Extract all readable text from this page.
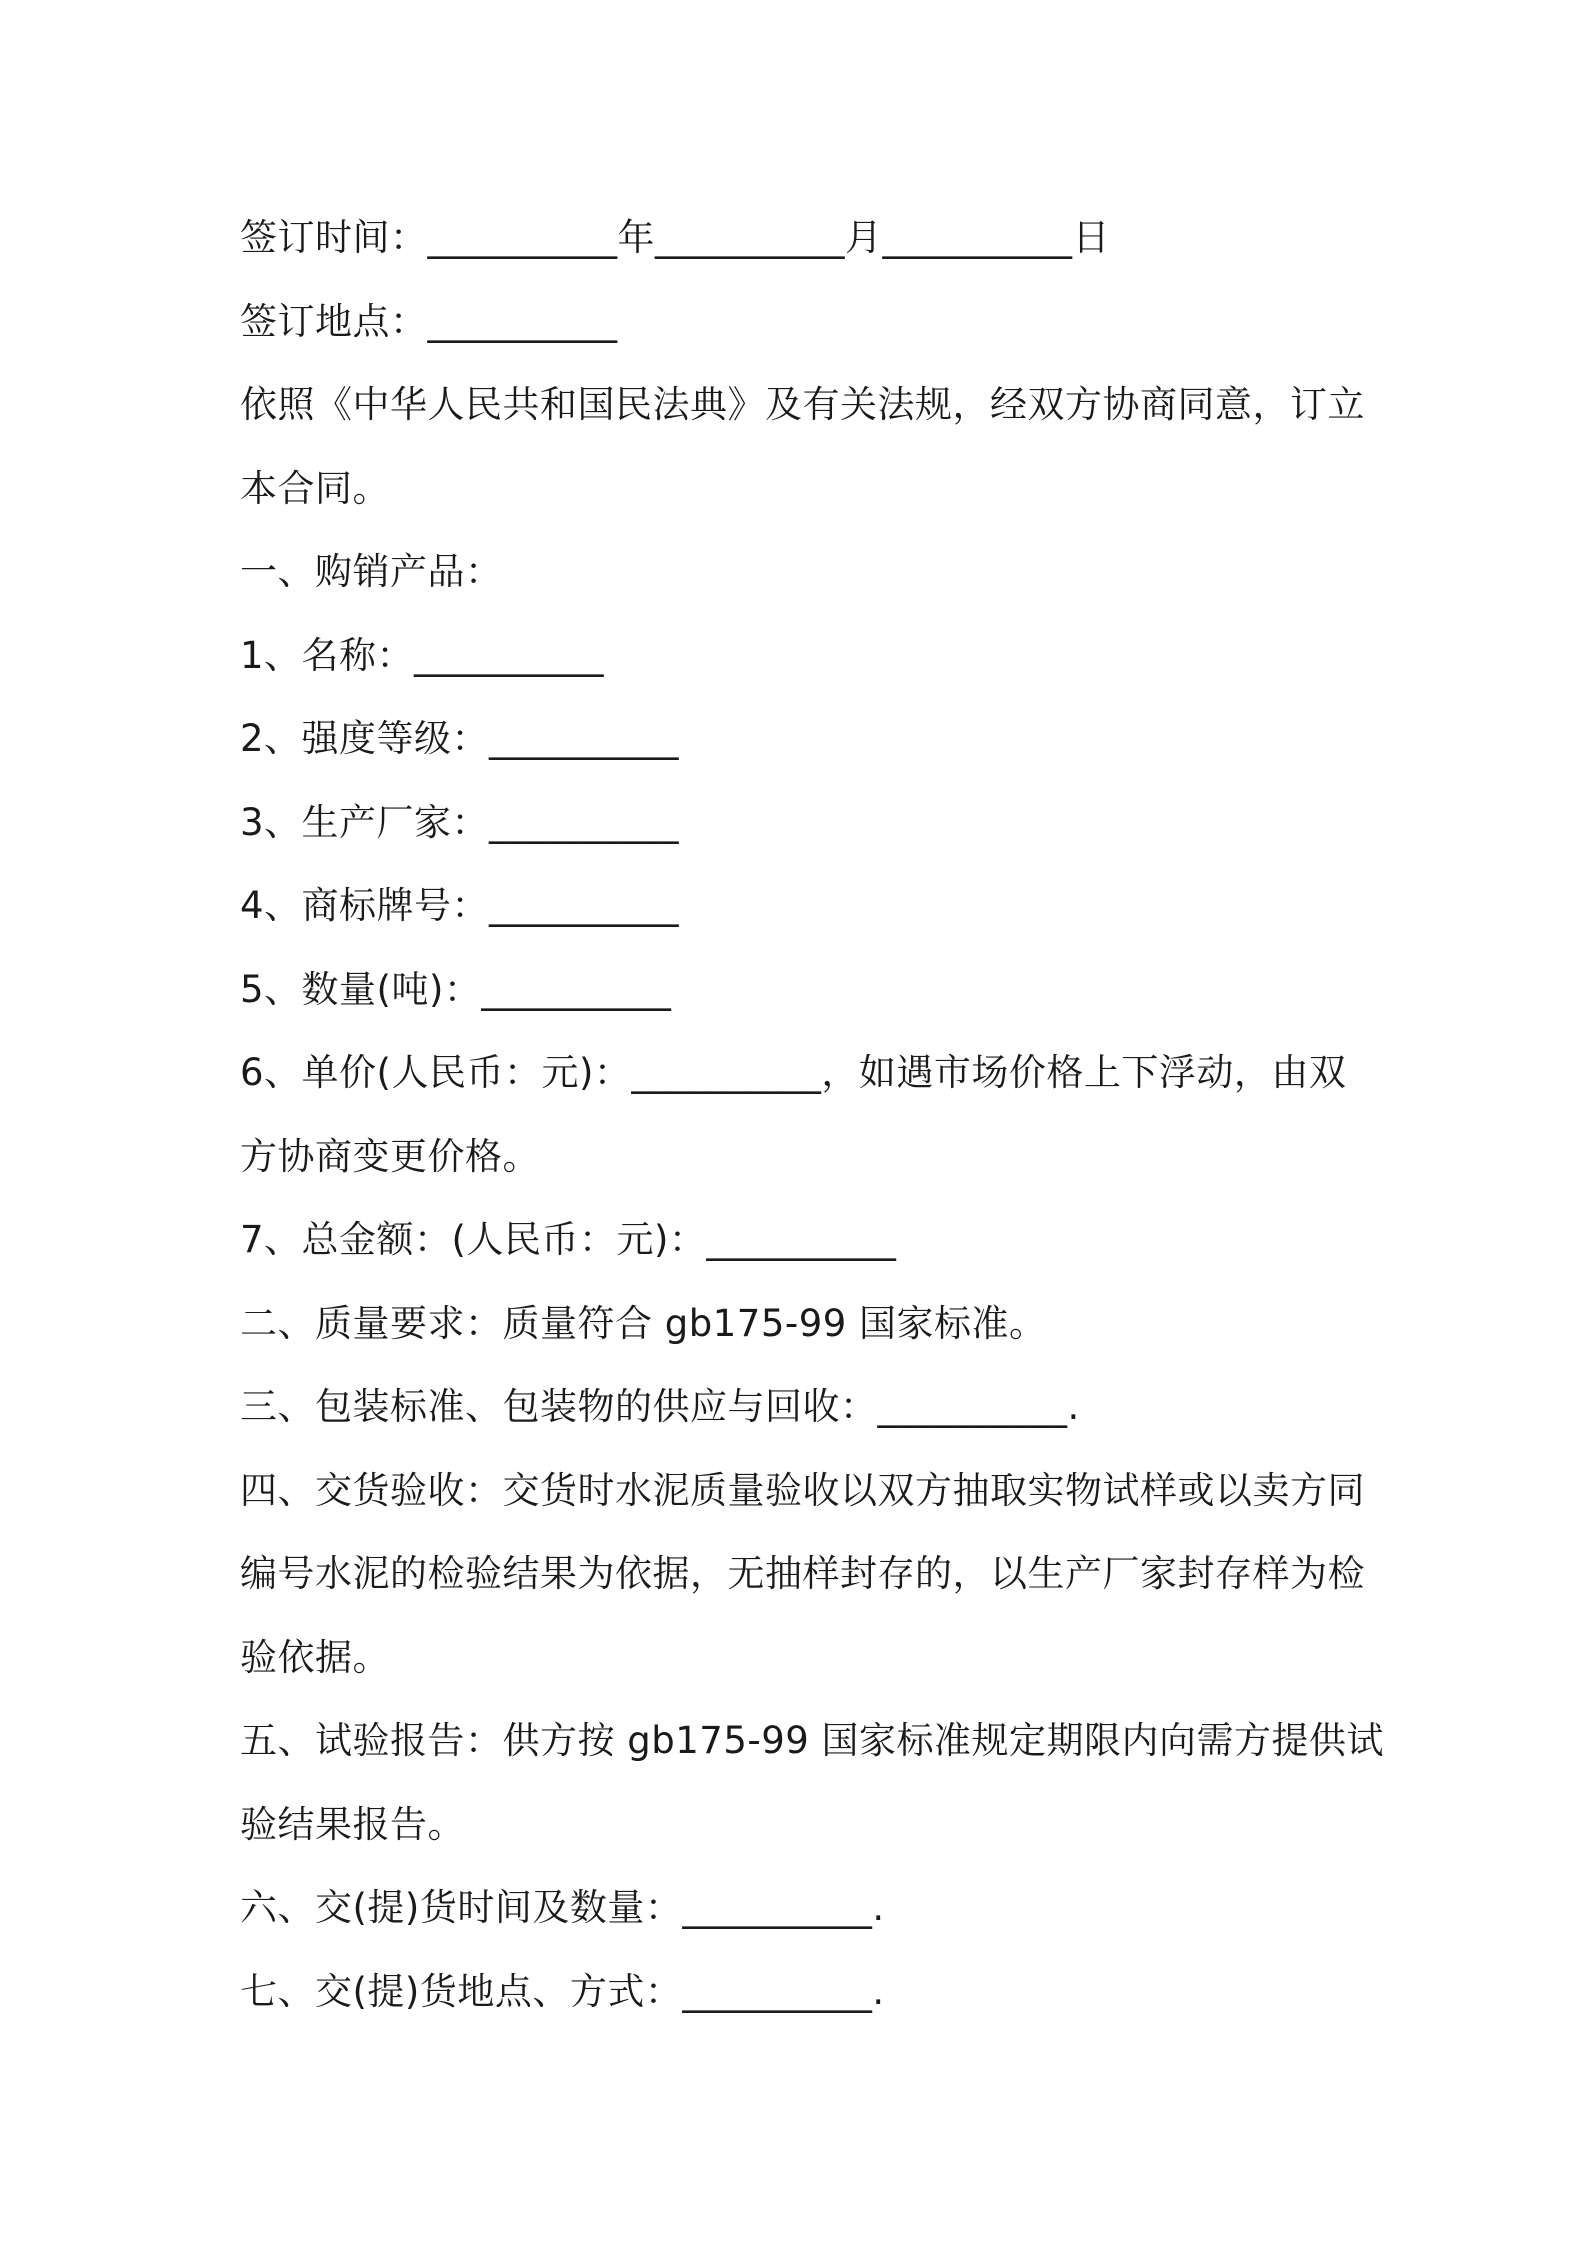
签订时间：__________年__________月__________日
签订地点：__________
依照《中华人民共和国民法典》及有关法规，经双方协商同意，订立
本合同。
一、购销产品：
1、名称：__________
2、强度等级：__________
3、生产厂家：__________
4、商标牌号：__________
5、数量(吨)：__________
6、单价(人民币：元)：__________，如遇市场价格上下浮动，由双
方协商变更价格。
7、总金额：(人民币：元)：__________
二、质量要求：质量符合 gb175-99 国家标准。
三、包装标准、包装物的供应与回收：__________.
四、交货验收：交货时水泥质量验收以双方抽取实物试样或以卖方同
编号水泥的检验结果为依据，无抽样封存的，以生产厂家封存样为检
验依据。
五、试验报告：供方按 gb175-99 国家标准规定期限内向需方提供试
验结果报告。
六、交(提)货时间及数量：__________.
七、交(提)货地点、方式：__________.
